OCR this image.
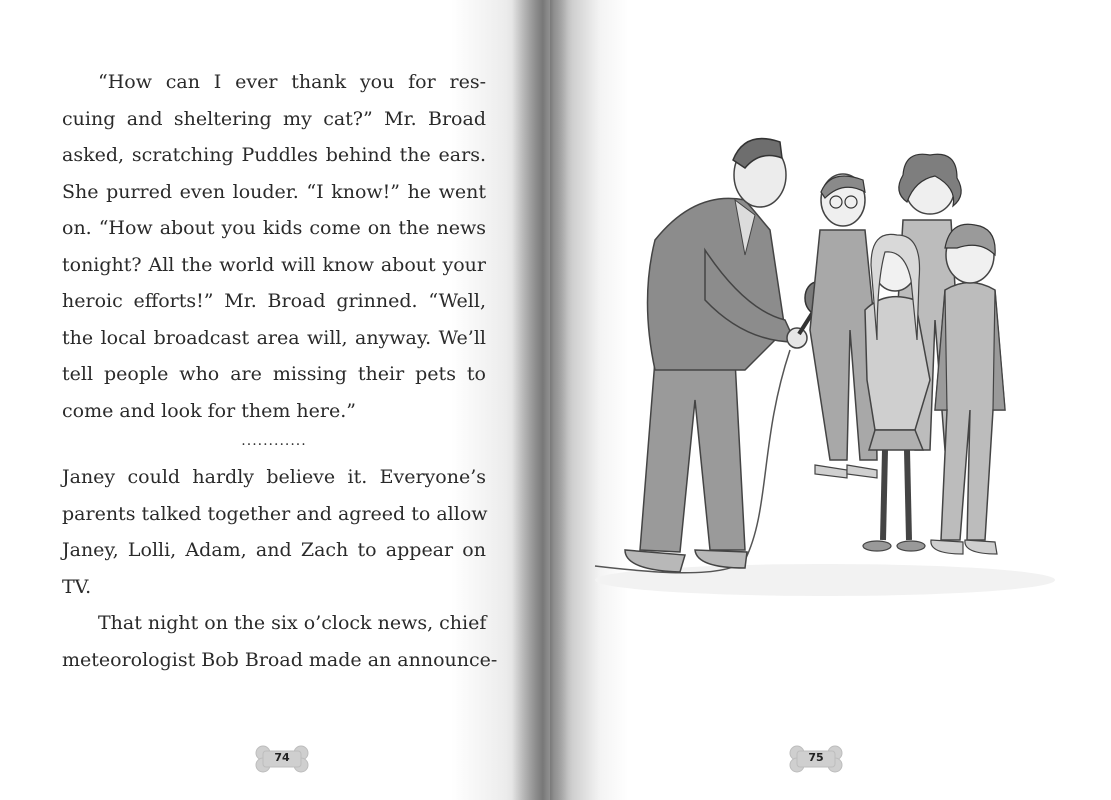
“How can I ever thank you for res-
cuing and sheltering my cat?” Mr. Broad
asked, scratching Puddles behind the ears.
She purred even louder. “I know!” he went
on. “How about you kids come on the news
tonight? All the world will know about your
heroic efforts!” Mr. Broad grinned. “Well,
the local broadcast area will, anyway. We’ll
tell people who are missing their pets to
come and look for them here.”

............

Janey could hardly believe it. Everyone’s
parents talked together and agreed to allow
Janey, Lolli, Adam, and Zach to appear on
TV.

That night on the six o’clock news, chief
meteorologist Bob Broad made an announce-

74	75
